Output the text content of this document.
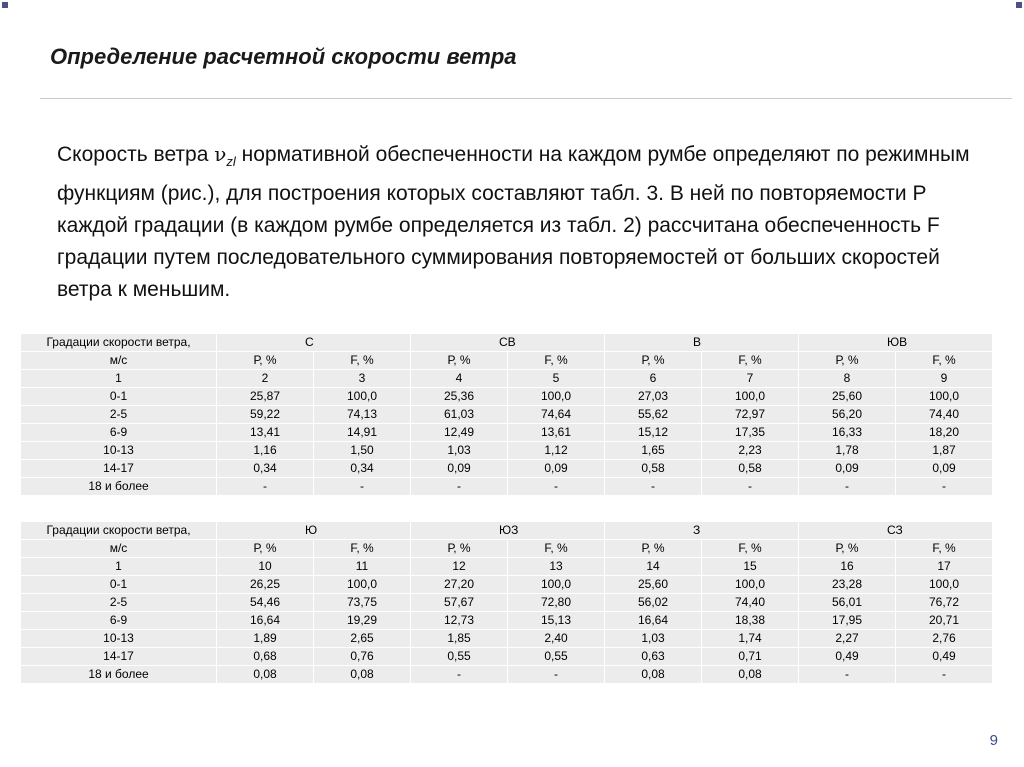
Определение расчетной скорости ветра
Скорость ветра $\nu_{zl}$ нормативной обеспеченности на каждом румбе определяют по режимным функциям (рис.), для построения которых составляют табл. 3. В ней по повторяемости Р каждой градации (в каждом румбе определяется из табл. 2) рассчитана обеспеченность F градации путем последовательного суммирования повторяемостей от больших скоростей ветра к меньшим.
Градации скорости ветра,	С		СВ		В		ЮВ	
м/с	Р, %	F, %	Р, %	F, %	Р, %	F, %	Р, %	F, %
1	2	3	4	5	6	7	8	9
0-1	25,87	100,0	25,36	100,0	27,03	100,0	25,60	100,0
2-5	59,22	74,13	61,03	74,64	55,62	72,97	56,20	74,40
6-9	13,41	14,91	12,49	13,61	15,12	17,35	16,33	18,20
10-13	1,16	1,50	1,03	1,12	1,65	2,23	1,78	1,87
14-17	0,34	0,34	0,09	0,09	0,58	0,58	0,09	0,09
18 и более	-	-	-	-	-	-	-	-
Градации скорости ветра,	Ю		ЮЗ		З		СЗ	
м/с	Р, %	F, %	Р, %	F, %	Р, %	F, %	Р, %	F, %
1	10	11	12	13	14	15	16	17
0-1	26,25	100,0	27,20	100,0	25,60	100,0	23,28	100,0
2-5	54,46	73,75	57,67	72,80	56,02	74,40	56,01	76,72
6-9	16,64	19,29	12,73	15,13	16,64	18,38	17,95	20,71
10-13	1,89	2,65	1,85	2,40	1,03	1,74	2,27	2,76
14-17	0,68	0,76	0,55	0,55	0,63	0,71	0,49	0,49
18 и более	0,08	0,08	-	-	0,08	0,08	-	-
9
